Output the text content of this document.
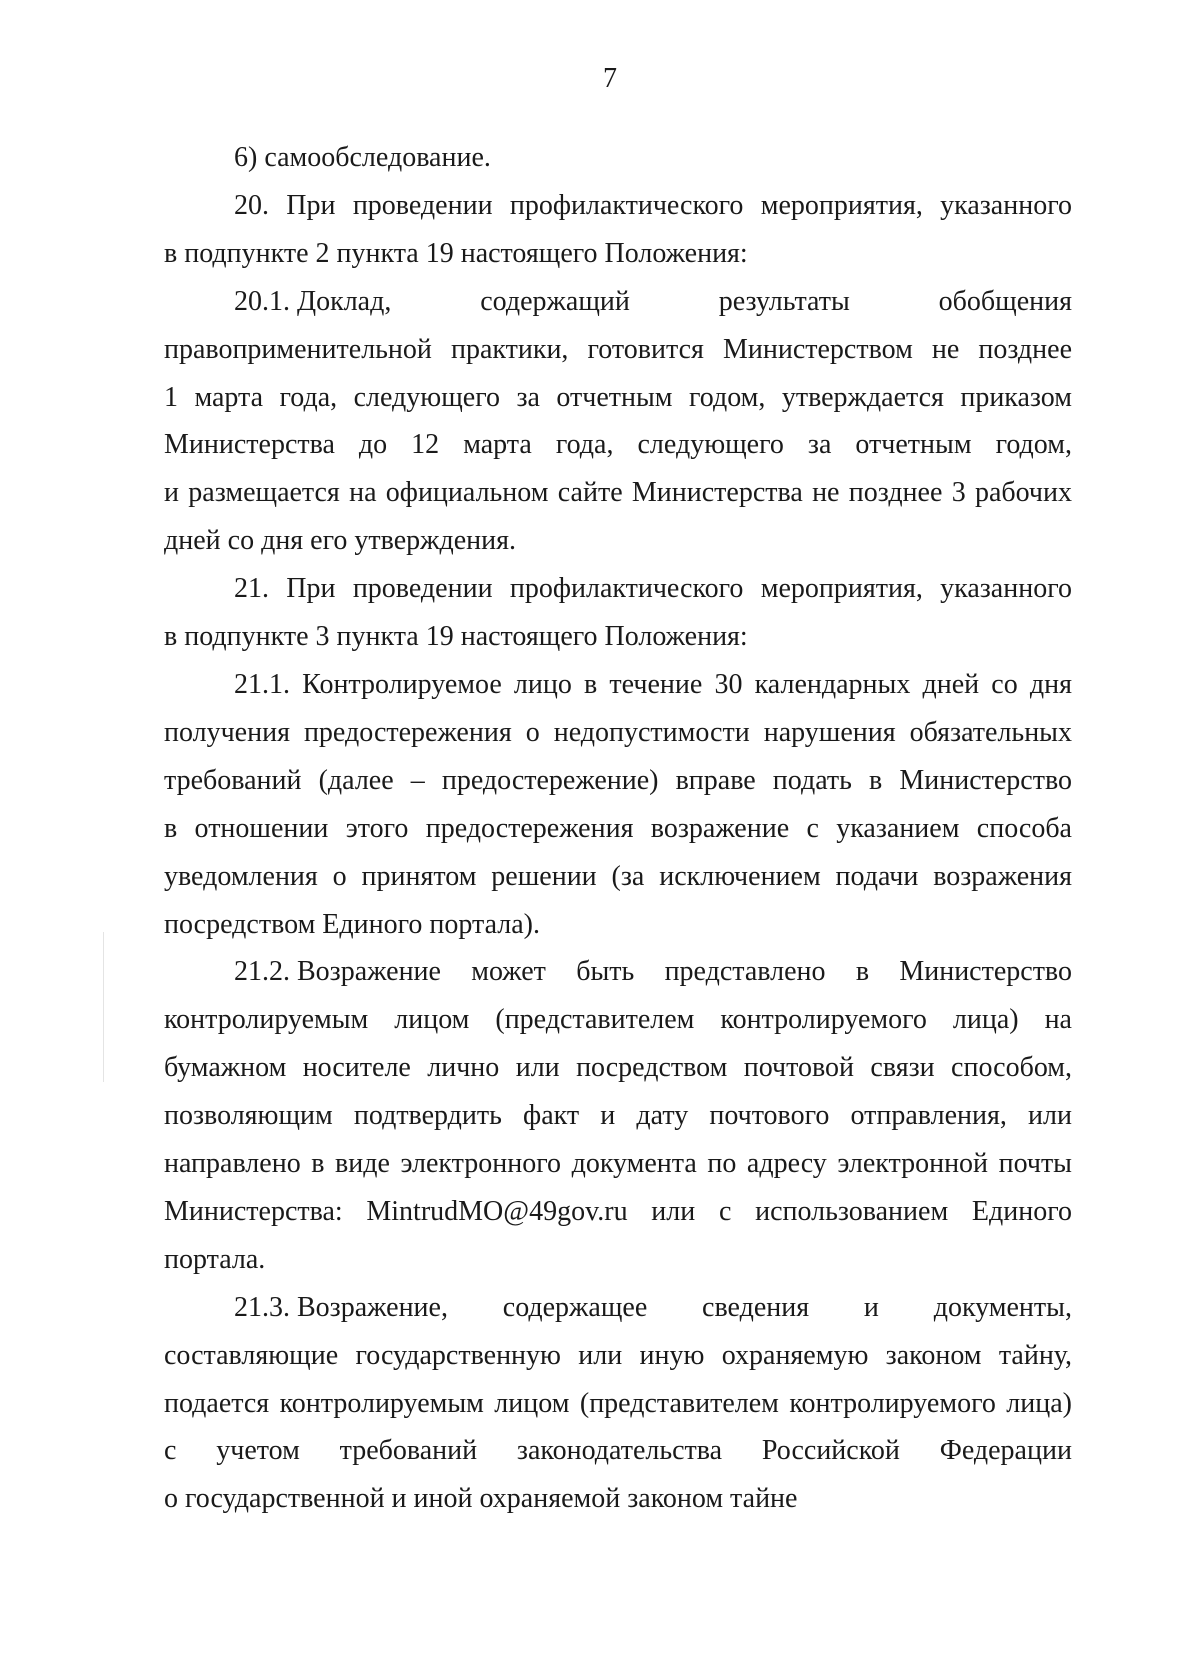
7
6) самообследование.
20. При проведении профилактического мероприятия, указанного
в подпункте 2 пункта 19 настоящего Положения:
20.1. Доклад,	содержащий	результаты	обобщения
правоприменительной практики, готовится Министерством не позднее
1 марта года, следующего за отчетным годом, утверждается приказом
Министерства до 12 марта года, следующего за отчетным годом,
и размещается на официальном сайте Министерства не позднее 3 рабочих
дней со дня его утверждения.
21. При проведении профилактического мероприятия, указанного
в подпункте 3 пункта 19 настоящего Положения:
21.1. Контролируемое лицо в течение 30 календарных дней со дня
получения предостережения о недопустимости нарушения обязательных
требований (далее – предостережение) вправе подать в Министерство
в отношении этого предостережения возражение с указанием способа
уведомления о принятом решении (за исключением подачи возражения
посредством Единого портала).
21.2. Возражение может быть представлено в Министерство
контролируемым лицом (представителем контролируемого лица) на
бумажном носителе лично или посредством почтовой связи способом,
позволяющим подтвердить факт и дату почтового отправления, или
направлено в виде электронного документа по адресу электронной почты
Министерства: MintrudMO@49gov.ru или с использованием Единого
портала.
21.3. Возражение, содержащее сведения и документы,
составляющие государственную или иную охраняемую законом тайну,
подается контролируемым лицом (представителем контролируемого лица)
с учетом требований законодательства Российской Федерации
о государственной и иной охраняемой законом тайне
